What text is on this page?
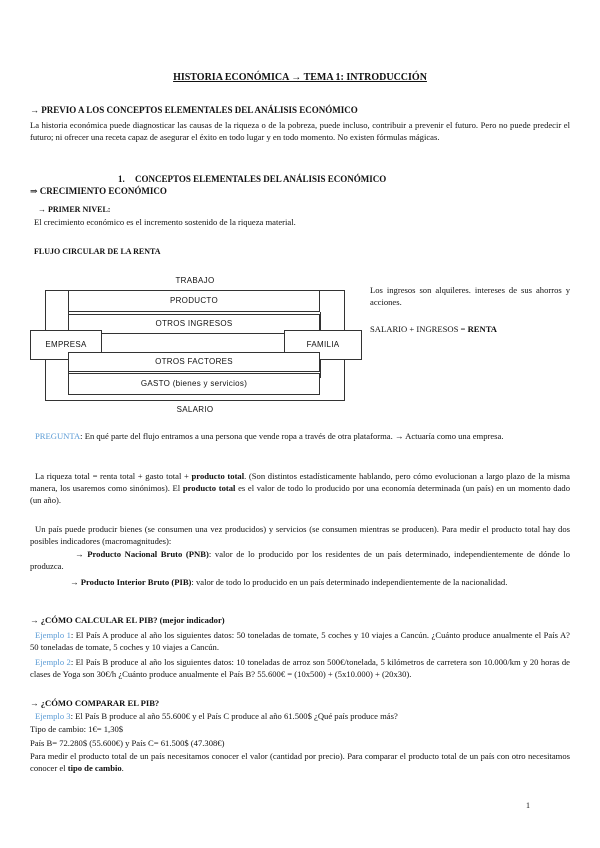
HISTORIA ECONÓMICA → TEMA 1: INTRODUCCIÓN
→ PREVIO A LOS CONCEPTOS ELEMENTALES DEL ANÁLISIS ECONÓMICO
La historia económica puede diagnosticar las causas de la riqueza o de la pobreza, puede incluso, contribuir a prevenir el futuro. Pero no puede predecir el futuro; ni ofrecer una receta capaz de asegurar el éxito en todo lugar y en todo momento. No existen fórmulas mágicas.
1. CONCEPTOS ELEMENTALES DEL ANÁLISIS ECONÓMICO
⇒ CRECIMIENTO ECONÓMICO
→ PRIMER NIVEL:
El crecimiento económico es el incremento sostenido de la riqueza material.
FLUJO CIRCULAR DE LA RENTA
TRABAJO
PRODUCTO
OTROS INGRESOS
EMPRESA	FAMILIA
OTROS FACTORES
GASTO (bienes y servicios)
SALARIO
Los ingresos son alquileres. intereses de sus ahorros y acciones.
SALARIO + INGRESOS = RENTA
PREGUNTA: En qué parte del flujo entramos a una persona que vende ropa a través de otra plataforma. → Actuaría como una empresa.
La riqueza total = renta total + gasto total + producto total. (Son distintos estadísticamente hablando, pero cómo evolucionan a largo plazo de la misma manera, los usaremos como sinónimos). El producto total es el valor de todo lo producido por una economía determinada (un país) en un momento dado (un año).
Un país puede producir bienes (se consumen una vez producidos) y servicios (se consumen mientras se producen). Para medir el producto total hay dos posibles indicadores (macromagnitudes):
→ Producto Nacional Bruto (PNB): valor de lo producido por los residentes de un país determinado, independientemente de dónde lo produzca.
→ Producto Interior Bruto (PIB): valor de todo lo producido en un país determinado independientemente de la nacionalidad.
→ ¿CÓMO CALCULAR EL PIB? (mejor indicador)
Ejemplo 1: El País A produce al año los siguientes datos: 50 toneladas de tomate, 5 coches y 10 viajes a Cancún. ¿Cuánto produce anualmente el País A? 50 toneladas de tomate, 5 coches y 10 viajes a Cancún.
Ejemplo 2: El País B produce al año los siguientes datos: 10 toneladas de arroz son 500€/tonelada, 5 kilómetros de carretera son 10.000/km y 20 horas de clases de Yoga son 30€/h ¿Cuánto produce anualmente el País B? 55.600€ = (10x500) + (5x10.000) + (20x30).
→ ¿CÓMO COMPARAR EL PIB?
Ejemplo 3: El País B produce al año 55.600€ y el País C produce al año 61.500$ ¿Qué país produce más?
Tipo de cambio: 1€= 1,30$
País B= 72.280$ (55.600€) y País C= 61.500$ (47.308€)
Para medir el producto total de un país necesitamos conocer el valor (cantidad por precio). Para comparar el producto total de un país con otro necesitamos conocer el tipo de cambio.
1
